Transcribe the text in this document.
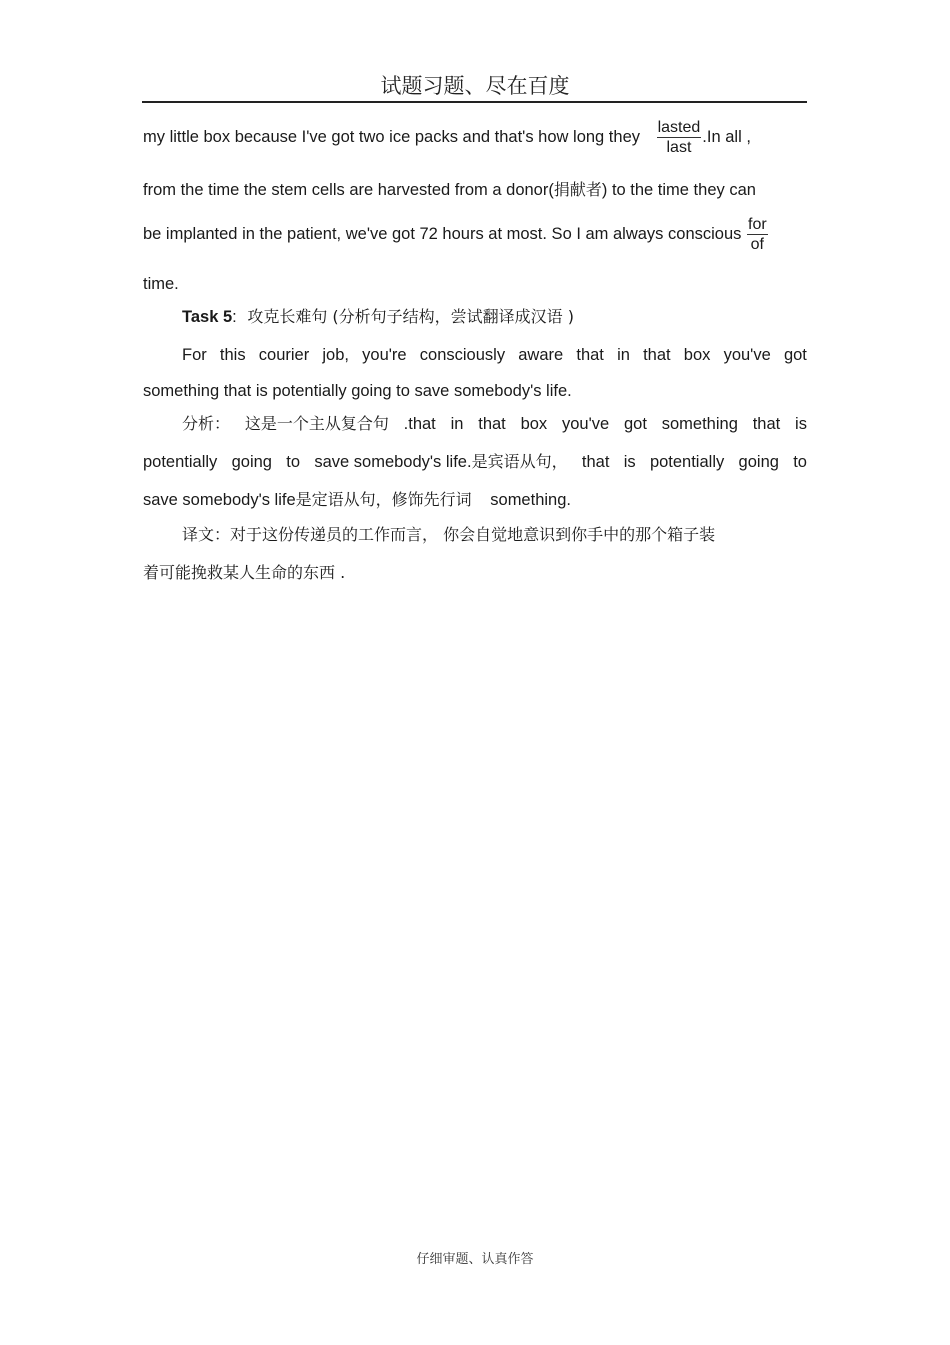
试题习题、尽在百度
my little box because I've got two ice packs and that's how long they $\frac{\text{lasted}}{\text{last}} .In$ all ,
from the time the stem cells are harvested from a donor(捐献者) to the time they can
be implanted in the patient, we've got 72 hours at most. So I am always conscious $\frac{\text{for}}{of}$
time.
Task 5: 攻克长难句 (分析句子结构，尝试翻译成汉语 )
For this courier job, you're consciously aware that in that box you've got
something that is potentially going to save somebody's life.
分析： 这是一个主从复合句 .that in that box you've got something that is
potentially going to save somebody's life.是宾语从句， that is potentially going to
save somebody's life是定语从句，修饰先行词 something.
译文：对于这份传递员的工作而言， 你会自觉地意识到你手中的那个箱子装
着可能挽救某人生命的东西 .
仔细审题、认真作答
